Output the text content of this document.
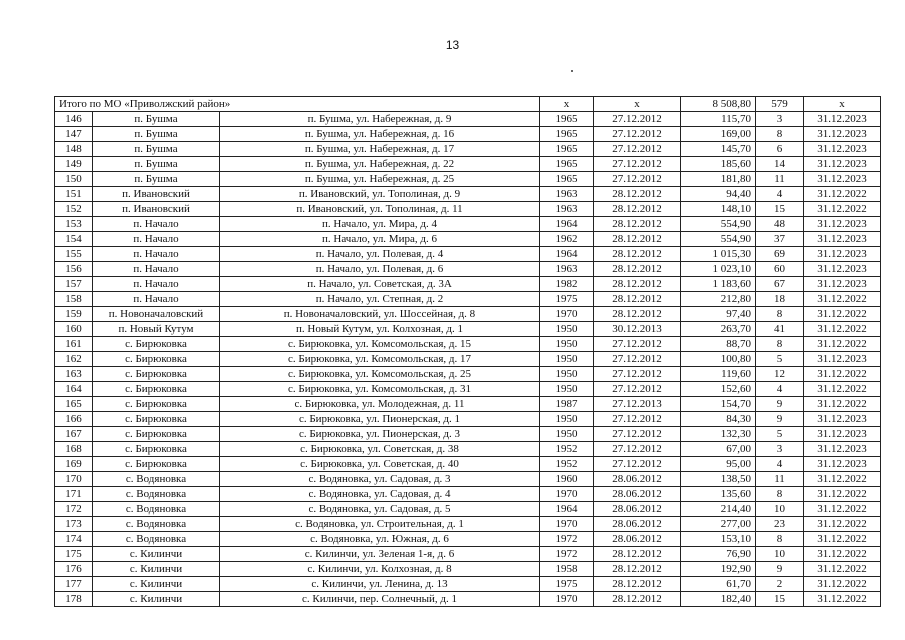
13
Итого по МО «Приволжский район»			x	x	8 508,80	579	x
146	п. Бушма	п. Бушма, ул. Набережная, д. 9	1965	27.12.2012	115,70	3	31.12.2023
147	п. Бушма	п. Бушма, ул. Набережная, д. 16	1965	27.12.2012	169,00	8	31.12.2023
148	п. Бушма	п. Бушма, ул. Набережная, д. 17	1965	27.12.2012	145,70	6	31.12.2023
149	п. Бушма	п. Бушма, ул. Набережная, д. 22	1965	27.12.2012	185,60	14	31.12.2023
150	п. Бушма	п. Бушма, ул. Набережная, д. 25	1965	27.12.2012	181,80	11	31.12.2023
151	п. Ивановский	п. Ивановский, ул. Тополиная, д. 9	1963	28.12.2012	94,40	4	31.12.2022
152	п. Ивановский	п. Ивановский, ул. Тополиная, д. 11	1963	28.12.2012	148,10	15	31.12.2022
153	п. Начало	п. Начало, ул. Мира, д. 4	1964	28.12.2012	554,90	48	31.12.2023
154	п. Начало	п. Начало, ул. Мира, д. 6	1962	28.12.2012	554,90	37	31.12.2023
155	п. Начало	п. Начало, ул. Полевая, д. 4	1964	28.12.2012	1 015,30	69	31.12.2023
156	п. Начало	п. Начало, ул. Полевая, д. 6	1963	28.12.2012	1 023,10	60	31.12.2023
157	п. Начало	п. Начало, ул. Советская, д. 3А	1982	28.12.2012	1 183,60	67	31.12.2023
158	п. Начало	п. Начало, ул. Степная, д. 2	1975	28.12.2012	212,80	18	31.12.2022
159	п. Новоначаловский	п. Новоначаловский, ул. Шоссейная, д. 8	1970	28.12.2012	97,40	8	31.12.2022
160	п. Новый Кутум	п. Новый Кутум, ул. Колхозная, д. 1	1950	30.12.2013	263,70	41	31.12.2022
161	с. Бирюковка	с. Бирюковка, ул. Комсомольская, д. 15	1950	27.12.2012	88,70	8	31.12.2022
162	с. Бирюковка	с. Бирюковка, ул. Комсомольская, д. 17	1950	27.12.2012	100,80	5	31.12.2023
163	с. Бирюковка	с. Бирюковка, ул. Комсомольская, д. 25	1950	27.12.2012	119,60	12	31.12.2022
164	с. Бирюковка	с. Бирюковка, ул. Комсомольская, д. 31	1950	27.12.2012	152,60	4	31.12.2022
165	с. Бирюковка	с. Бирюковка, ул. Молодежная, д. 11	1987	27.12.2013	154,70	9	31.12.2022
166	с. Бирюковка	с. Бирюковка, ул. Пионерская, д. 1	1950	27.12.2012	84,30	9	31.12.2023
167	с. Бирюковка	с. Бирюковка, ул. Пионерская, д. 3	1950	27.12.2012	132,30	5	31.12.2023
168	с. Бирюковка	с. Бирюковка, ул. Советская, д. 38	1952	27.12.2012	67,00	3	31.12.2023
169	с. Бирюковка	с. Бирюковка, ул. Советская, д. 40	1952	27.12.2012	95,00	4	31.12.2023
170	с. Водяновка	с. Водяновка, ул. Садовая, д. 3	1960	28.06.2012	138,50	11	31.12.2022
171	с. Водяновка	с. Водяновка, ул. Садовая, д. 4	1970	28.06.2012	135,60	8	31.12.2022
172	с. Водяновка	с. Водяновка, ул. Садовая, д. 5	1964	28.06.2012	214,40	10	31.12.2022
173	с. Водяновка	с. Водяновка, ул. Строительная, д. 1	1970	28.06.2012	277,00	23	31.12.2022
174	с. Водяновка	с. Водяновка, ул. Южная, д. 6	1972	28.06.2012	153,10	8	31.12.2022
175	с. Килинчи	с. Килинчи, ул. Зеленая 1-я, д. 6	1972	28.12.2012	76,90	10	31.12.2022
176	с. Килинчи	с. Килинчи, ул. Колхозная, д. 8	1958	28.12.2012	192,90	9	31.12.2022
177	с. Килинчи	с. Килинчи, ул. Ленина, д. 13	1975	28.12.2012	61,70	2	31.12.2022
178	с. Килинчи	с. Килинчи, пер. Солнечный, д. 1	1970	28.12.2012	182,40	15	31.12.2022
